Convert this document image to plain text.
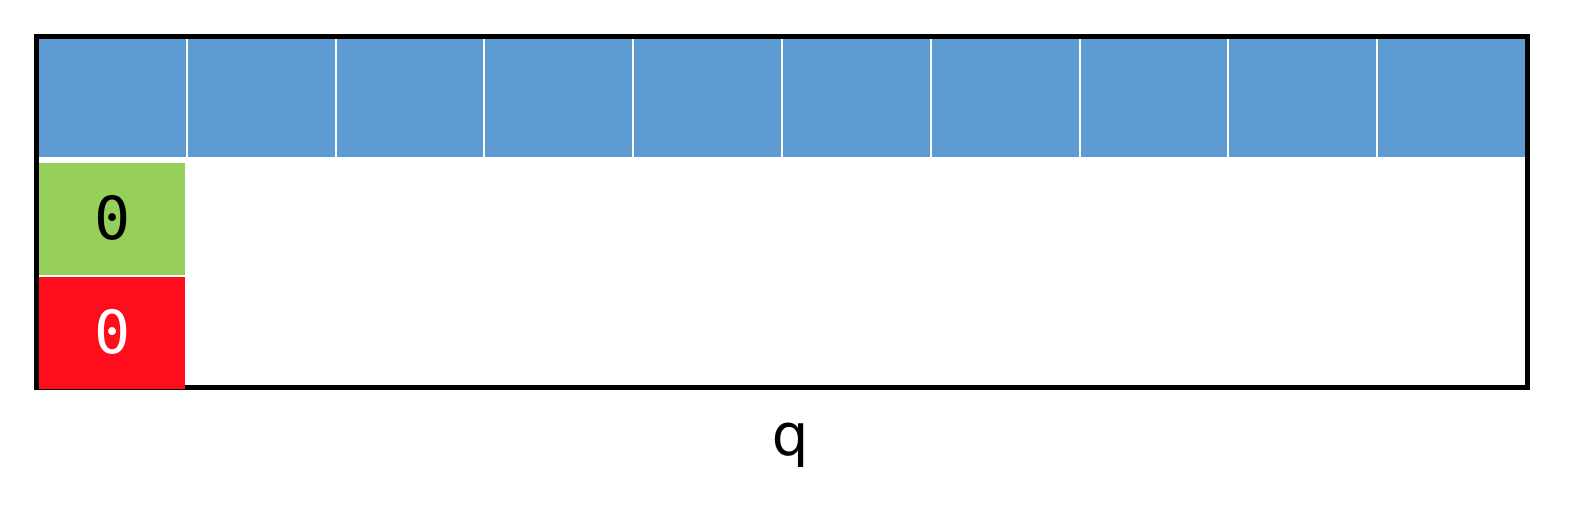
0
0
q
